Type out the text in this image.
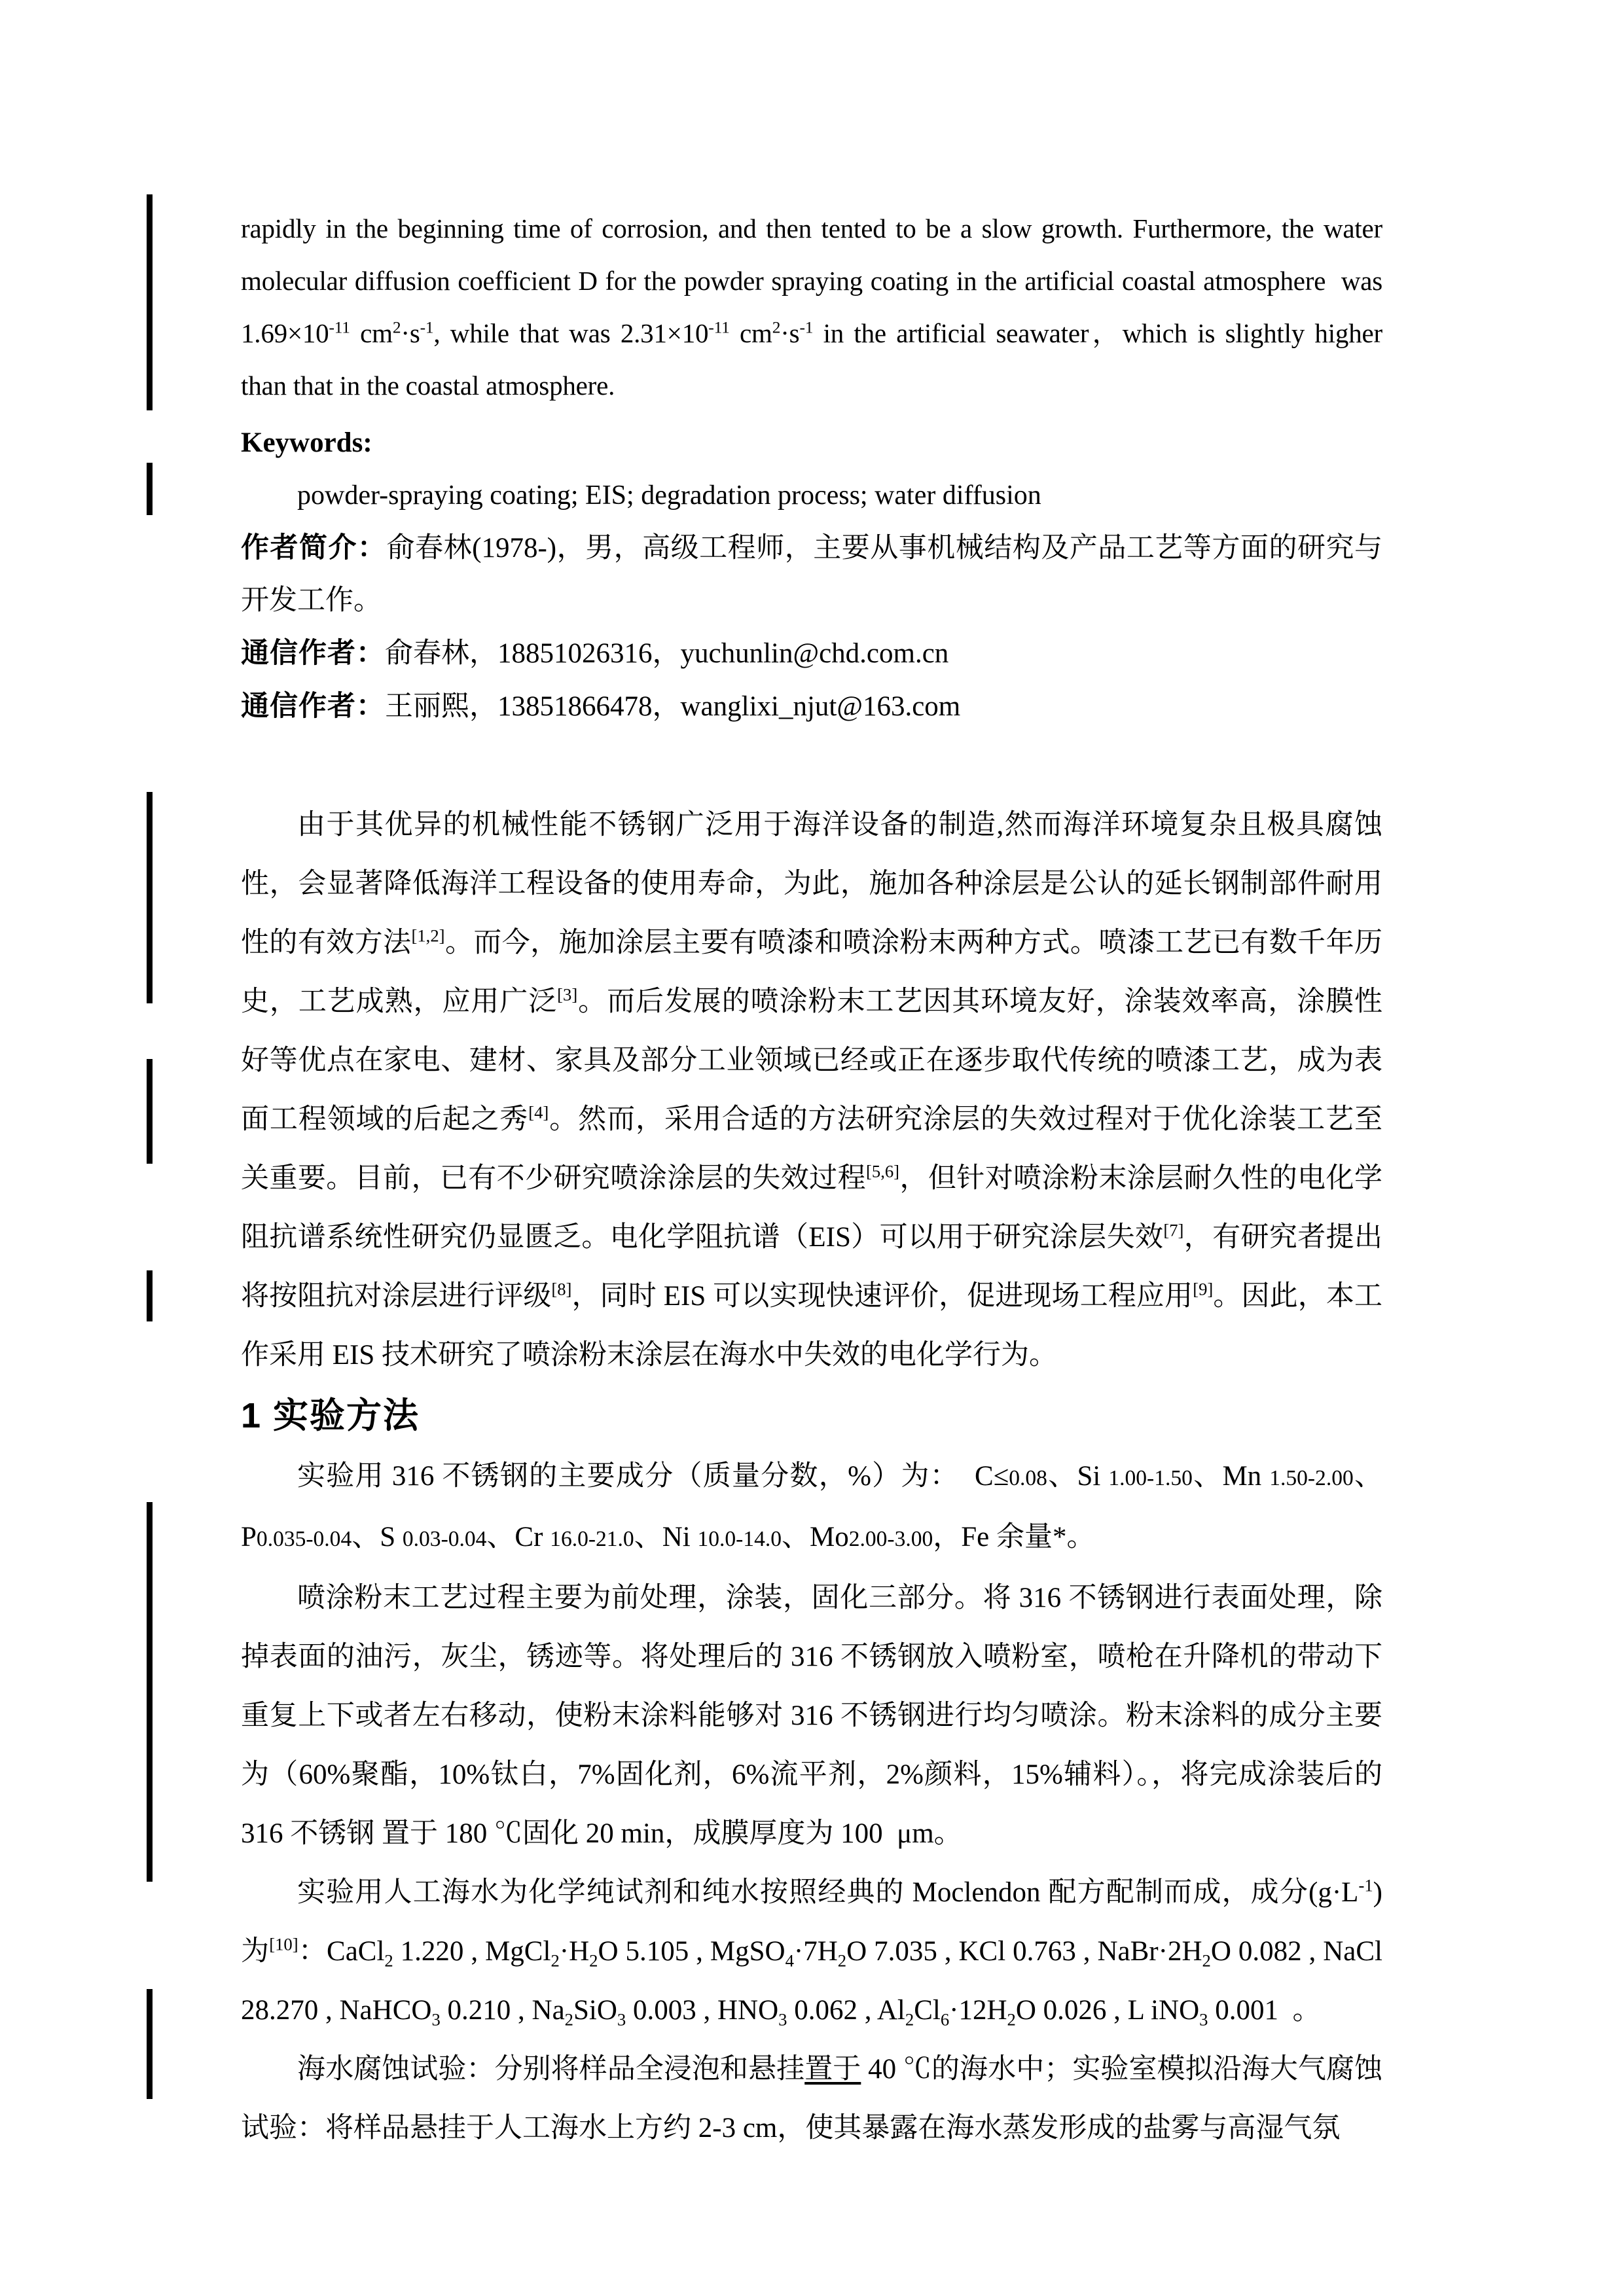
rapidly in the beginning time of corrosion, and then tented to be a slow growth. Furthermore, the water molecular diffusion coefficient D for the powder spraying coating in the artificial coastal atmosphere  was $1.69\times 10^{-11}$ $cm^2\cdot s^{-1}$, while that was $2.31\times 10^{-11}$ $cm^2\cdot s^{-1}$ in the artificial seawater，which is slightly higher than that in the coastal atmosphere.

Keywords:

powder-spraying coating; EIS; degradation process; water diffusion

作者简介：俞春林(1978-)，男，高级工程师，主要从事机械结构及产品工艺等方面的研究与开发工作。

通信作者：俞春林，18851026316，yuchunlin@chd.com.cn

通信作者：王丽熙，13851866478，wanglixi_njut@163.com

由于其优异的机械性能不锈钢广泛用于海洋设备的制造,然而海洋环境复杂且极具腐蚀性，会显著降低海洋工程设备的使用寿命，为此，施加各种涂层是公认的延长钢制部件耐用性的有效方法[1,2]。而今，施加涂层主要有喷漆和喷涂粉末两种方式。喷漆工艺已有数千年历史，工艺成熟，应用广泛[3]。而后发展的喷涂粉末工艺因其环境友好，涂装效率高，涂膜性好等优点在家电、建材、家具及部分工业领域已经或正在逐步取代传统的喷漆工艺，成为表面工程领域的后起之秀[4]。然而，采用合适的方法研究涂层的失效过程对于优化涂装工艺至关重要。目前，已有不少研究喷涂涂层的失效过程[5,6]，但针对喷涂粉末涂层耐久性的电化学阻抗谱系统性研究仍显匮乏。电化学阻抗谱（EIS）可以用于研究涂层失效[7]，有研究者提出将按阻抗对涂层进行评级[8]，同时 EIS 可以实现快速评价，促进现场工程应用[9]。因此，本工作采用 EIS 技术研究了喷涂粉末涂层在海水中失效的电化学行为。

1 实验方法

实验用 316 不锈钢的主要成分（质量分数，%）为：  C≤0.08、Si 1.00-1.50、Mn 1.50-2.00、P0.035-0.04、S 0.03-0.04、Cr 16.0-21.0、Ni 10.0-14.0、Mo2.00-3.00，Fe 余量*。

喷涂粉末工艺过程主要为前处理，涂装，固化三部分。将 316 不锈钢进行表面处理，除掉表面的油污，灰尘，锈迹等。将处理后的 316 不锈钢放入喷粉室，喷枪在升降机的带动下重复上下或者左右移动，使粉末涂料能够对 316 不锈钢进行均匀喷涂。粉末涂料的成分主要为（60%聚酯，10%钛白，7%固化剂，6%流平剂，2%颜料，15%辅料）。，将完成涂装后的 316 不锈钢 置于 180 ℃固化 20 min，成膜厚度为 100  μm。

实验用人工海水为化学纯试剂和纯水按照经典的 Moclendon 配方配制而成，成分$(g\cdot L^{-1})$为[10]：CaCl$_2$ 1.220 , $MgCl_2\cdot H_2O$ 5.105 , $MgSO_4\cdot 7H_2O$ 7.035 , KCl 0.763 , $NaBr\cdot 2H_2O$ 0.082 , NaCl 28.270 , NaHCO$_3$ 0.210 , $Na_2SiO_3$ 0.003 , $HNO_3$ 0.062 , $Al_2Cl_6\cdot 12H_2O$ 0.026 , L iNO$_3$ 0.001  。

海水腐蚀试验：分别将样品全浸泡和悬挂置于 40 ℃的海水中；实验室模拟沿海大气腐蚀试验：将样品悬挂于人工海水上方约 2-3 cm，使其暴露在海水蒸发形成的盐雾与高湿气氛
